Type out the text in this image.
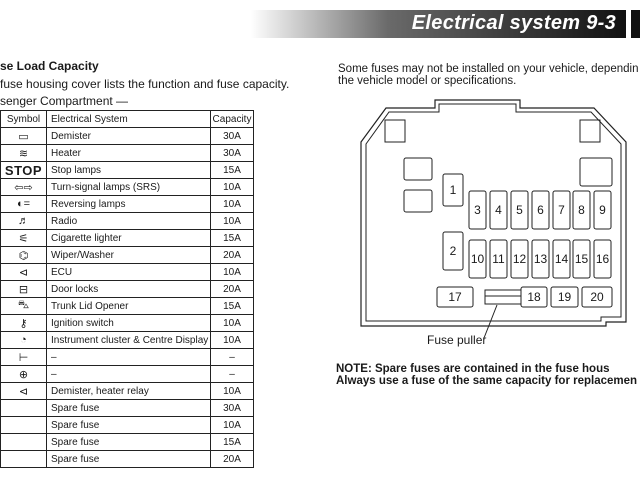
Electrical system 9-3
se Load Capacity
fuse housing cover lists the function and fuse capacity.
senger Compartment —
Symbol	Electrical System	Capacity
▭	Demister	30A
≋	Heater	30A
STOP	Stop lamps	15A
⇦⇨	Turn-signal lamps (SRS)	10A
◐=	Reversing lamps	10A
♬	Radio	10A
⚟	Cigarette lighter	15A
⌬	Wiper/Washer	20A
⊲	ECU	10A
⊟	Door locks	20A
⛍	Trunk Lid Opener	15A
⚷	Ignition switch	10A
◔	Instrument cluster & Centre Display	10A
⊢	–	–
⊕	–	–
⊲	Demister, heater relay	10A
	Spare fuse	30A
	Spare fuse	10A
	Spare fuse	15A
	Spare fuse	20A
Some fuses may not be installed on your vehicle, dependin
the vehicle model or specifications.
1
2
3 4 5 6 7 8 9
10 11 12 13 14 15 16
17	18 19 20
Fuse puller
NOTE: Spare fuses are contained in the fuse hous
Always use a fuse of the same capacity for replacemen
